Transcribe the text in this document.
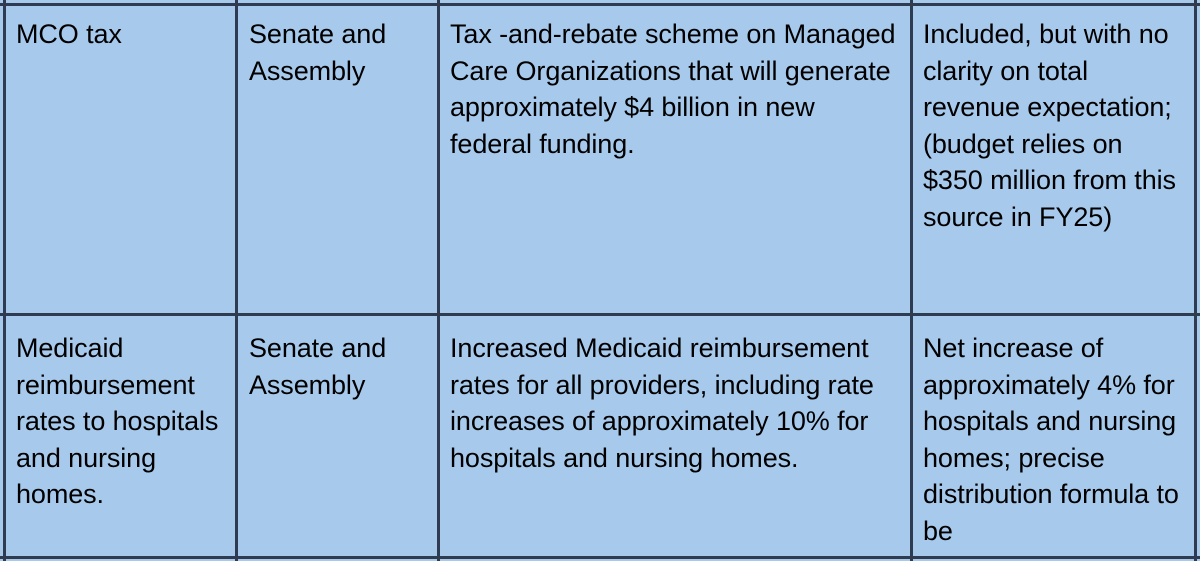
MCO tax	Senate and Assembly
Tax -and-rebate scheme on Managed Care Organizations that will generate approximately $4 billion in new federal funding.
Included, but with no clarity on total revenue expectation; (budget relies on $350 million from this source in FY25)
Medicaid reimbursement rates to hospitals and nursing homes.
Senate and Assembly
Increased Medicaid reimbursement rates for all providers, including rate increases of approximately 10% for hospitals and nursing homes.
Net increase of approximately 4% for hospitals and nursing homes; precise distribution formula to be
